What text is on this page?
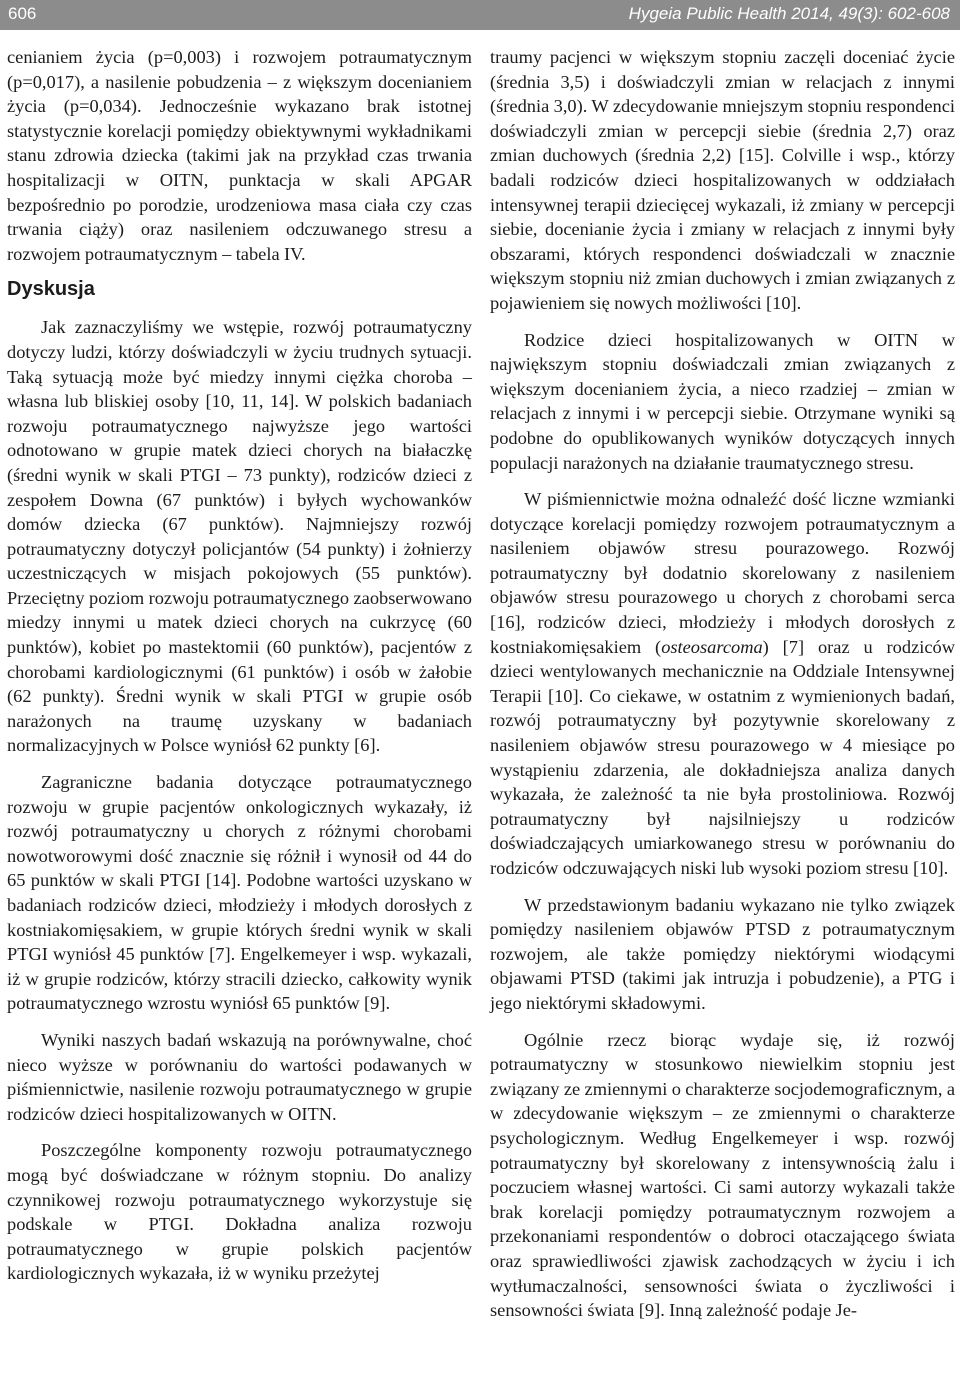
606	Hygeia Public Health 2014, 49(3): 602-608

cenianiem życia (p=0,003) i rozwojem potraumatycznym (p=0,017), a nasilenie pobudzenia – z większym docenianiem życia (p=0,034). Jednocześnie wykazano brak istotnej statystycznie korelacji pomiędzy obiektywnymi wykładnikami stanu zdrowia dziecka (takimi jak na przykład czas trwania hospitalizacji w OITN, punktacja w skali APGAR bezpośrednio po porodzie, urodzeniowa masa ciała czy czas trwania ciąży) oraz nasileniem odczuwanego stresu a rozwojem potraumatycznym – tabela IV.

Dyskusja

Jak zaznaczyliśmy we wstępie, rozwój potraumatyczny dotyczy ludzi, którzy doświadczyli w życiu trudnych sytuacji. Taką sytuacją może być miedzy innymi ciężka choroba – własna lub bliskiej osoby [10, 11, 14]. W polskich badaniach rozwoju potraumatycznego najwyższe jego wartości odnotowano w grupie matek dzieci chorych na białaczkę (średni wynik w skali PTGI – 73 punkty), rodziców dzieci z zespołem Downa (67 punktów) i byłych wychowanków domów dziecka (67 punktów). Najmniejszy rozwój potraumatyczny dotyczył policjantów (54 punkty) i żołnierzy uczestniczących w misjach pokojowych (55 punktów). Przeciętny poziom rozwoju potraumatycznego zaobserwowano miedzy innymi u matek dzieci chorych na cukrzycę (60 punktów), kobiet po mastektomii (60 punktów), pacjentów z chorobami kardiologicznymi (61 punktów) i osób w żałobie (62 punkty). Średni wynik w skali PTGI w grupie osób narażonych na traumę uzyskany w badaniach normalizacyjnych w Polsce wyniósł 62 punkty [6].

Zagraniczne badania dotyczące potraumatycznego rozwoju w grupie pacjentów onkologicznych wykazały, iż rozwój potraumatyczny u chorych z różnymi chorobami nowotworowymi dość znacznie się różnił i wynosił od 44 do 65 punktów w skali PTGI [14]. Podobne wartości uzyskano w badaniach rodziców dzieci, młodzieży i młodych dorosłych z kostniakomięsakiem, w grupie których średni wynik w skali PTGI wyniósł 45 punktów [7]. Engelkemeyer i wsp. wykazali, iż w grupie rodziców, którzy stracili dziecko, całkowity wynik potraumatycznego wzrostu wyniósł 65 punktów [9].

Wyniki naszych badań wskazują na porównywalne, choć nieco wyższe w porównaniu do wartości podawanych w piśmiennictwie, nasilenie rozwoju potraumatycznego w grupie rodziców dzieci hospitalizowanych w OITN.

Poszczególne komponenty rozwoju potraumatycznego mogą być doświadczane w różnym stopniu. Do analizy czynnikowej rozwoju potraumatycznego wykorzystuje się podskale w PTGI. Dokładna analiza rozwoju potraumatycznego w grupie polskich pacjentów kardiologicznych wykazała, iż w wyniku przeżytej

traumy pacjenci w większym stopniu zaczęli doceniać życie (średnia 3,5) i doświadczyli zmian w relacjach z innymi (średnia 3,0). W zdecydowanie mniejszym stopniu respondenci doświadczyli zmian w percepcji siebie (średnia 2,7) oraz zmian duchowych (średnia 2,2) [15]. Colville i wsp., którzy badali rodziców dzieci hospitalizowanych w oddziałach intensywnej terapii dziecięcej wykazali, iż zmiany w percepcji siebie, docenianie życia i zmiany w relacjach z innymi były obszarami, których respondenci doświadczali w znacznie większym stopniu niż zmian duchowych i zmian związanych z pojawieniem się nowych możliwości [10].

Rodzice dzieci hospitalizowanych w OITN w największym stopniu doświadczali zmian związanych z większym docenianiem życia, a nieco rzadziej – zmian w relacjach z innymi i w percepcji siebie. Otrzymane wyniki są podobne do opublikowanych wyników dotyczących innych populacji narażonych na działanie traumatycznego stresu.

W piśmiennictwie można odnaleźć dość liczne wzmianki dotyczące korelacji pomiędzy rozwojem potraumatycznym a nasileniem objawów stresu pourazowego. Rozwój potraumatyczny był dodatnio skorelowany z nasileniem objawów stresu pourazowego u chorych z chorobami serca [16], rodziców dzieci, młodzieży i młodych dorosłych z kostniakomięsakiem (osteosarcoma) [7] oraz u rodziców dzieci wentylowanych mechanicznie na Oddziale Intensywnej Terapii [10]. Co ciekawe, w ostatnim z wymienionych badań, rozwój potraumatyczny był pozytywnie skorelowany z nasileniem objawów stresu pourazowego w 4 miesiące po wystąpieniu zdarzenia, ale dokładniejsza analiza danych wykazała, że zależność ta nie była prostoliniowa. Rozwój potraumatyczny był najsilniejszy u rodziców doświadczających umiarkowanego stresu w porównaniu do rodziców odczuwających niski lub wysoki poziom stresu [10].

W przedstawionym badaniu wykazano nie tylko związek pomiędzy nasileniem objawów PTSD z potraumatycznym rozwojem, ale także pomiędzy niektórymi wiodącymi objawami PTSD (takimi jak intruzja i pobudzenie), a PTG i jego niektórymi składowymi.

Ogólnie rzecz biorąc wydaje się, iż rozwój potraumatyczny w stosunkowo niewielkim stopniu jest związany ze zmiennymi o charakterze socjodemograficznym, a w zdecydowanie większym – ze zmiennymi o charakterze psychologicznym. Według Engelkemeyer i wsp. rozwój potraumatyczny był skorelowany z intensywnością żalu i poczuciem własnej wartości. Ci sami autorzy wykazali także brak korelacji pomiędzy potraumatycznym rozwojem a przekonaniami respondentów o dobroci otaczającego świata oraz sprawiedliwości zjawisk zachodzących w życiu i ich wytłumaczalności, sensowności świata o życzliwości i sensowności świata [9]. Inną zależność podaje Je-
